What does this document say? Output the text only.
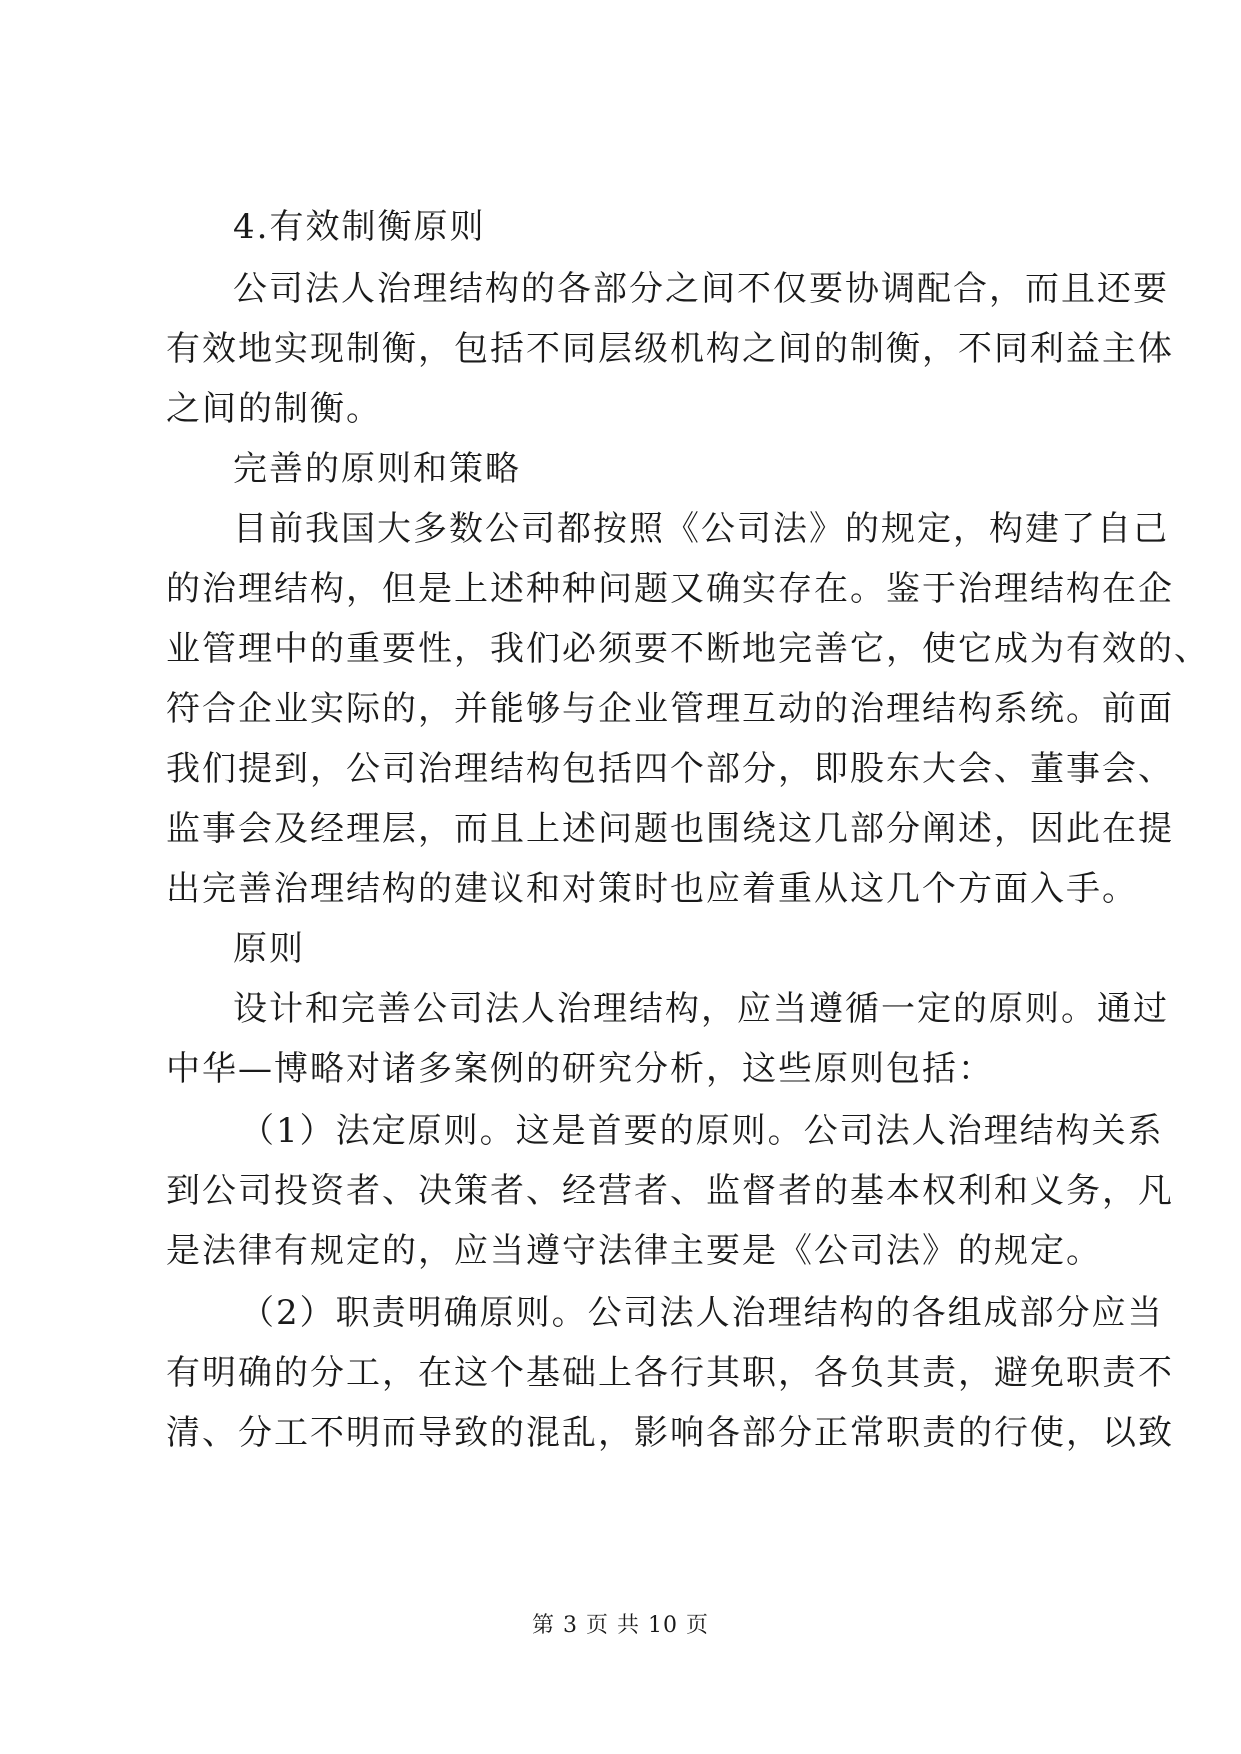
4.有效制衡原则
公司法人治理结构的各部分之间不仅要协调配合，而且还要
有效地实现制衡，包括不同层级机构之间的制衡，不同利益主体
之间的制衡。
完善的原则和策略
目前我国大多数公司都按照《公司法》的规定，构建了自己
的治理结构，但是上述种种问题又确实存在。鉴于治理结构在企
业管理中的重要性，我们必须要不断地完善它，使它成为有效的、
符合企业实际的，并能够与企业管理互动的治理结构系统。前面
我们提到，公司治理结构包括四个部分，即股东大会、董事会、
监事会及经理层，而且上述问题也围绕这几部分阐述，因此在提
出完善治理结构的建议和对策时也应着重从这几个方面入手。
原则
设计和完善公司法人治理结构，应当遵循一定的原则。通过
中华—博略对诸多案例的研究分析，这些原则包括：
（1）法定原则。这是首要的原则。公司法人治理结构关系
到公司投资者、决策者、经营者、监督者的基本权利和义务，凡
是法律有规定的，应当遵守法律主要是《公司法》的规定。
（2）职责明确原则。公司法人治理结构的各组成部分应当
有明确的分工，在这个基础上各行其职，各负其责，避免职责不
清、分工不明而导致的混乱，影响各部分正常职责的行使，以致
第 3 页 共 10 页
